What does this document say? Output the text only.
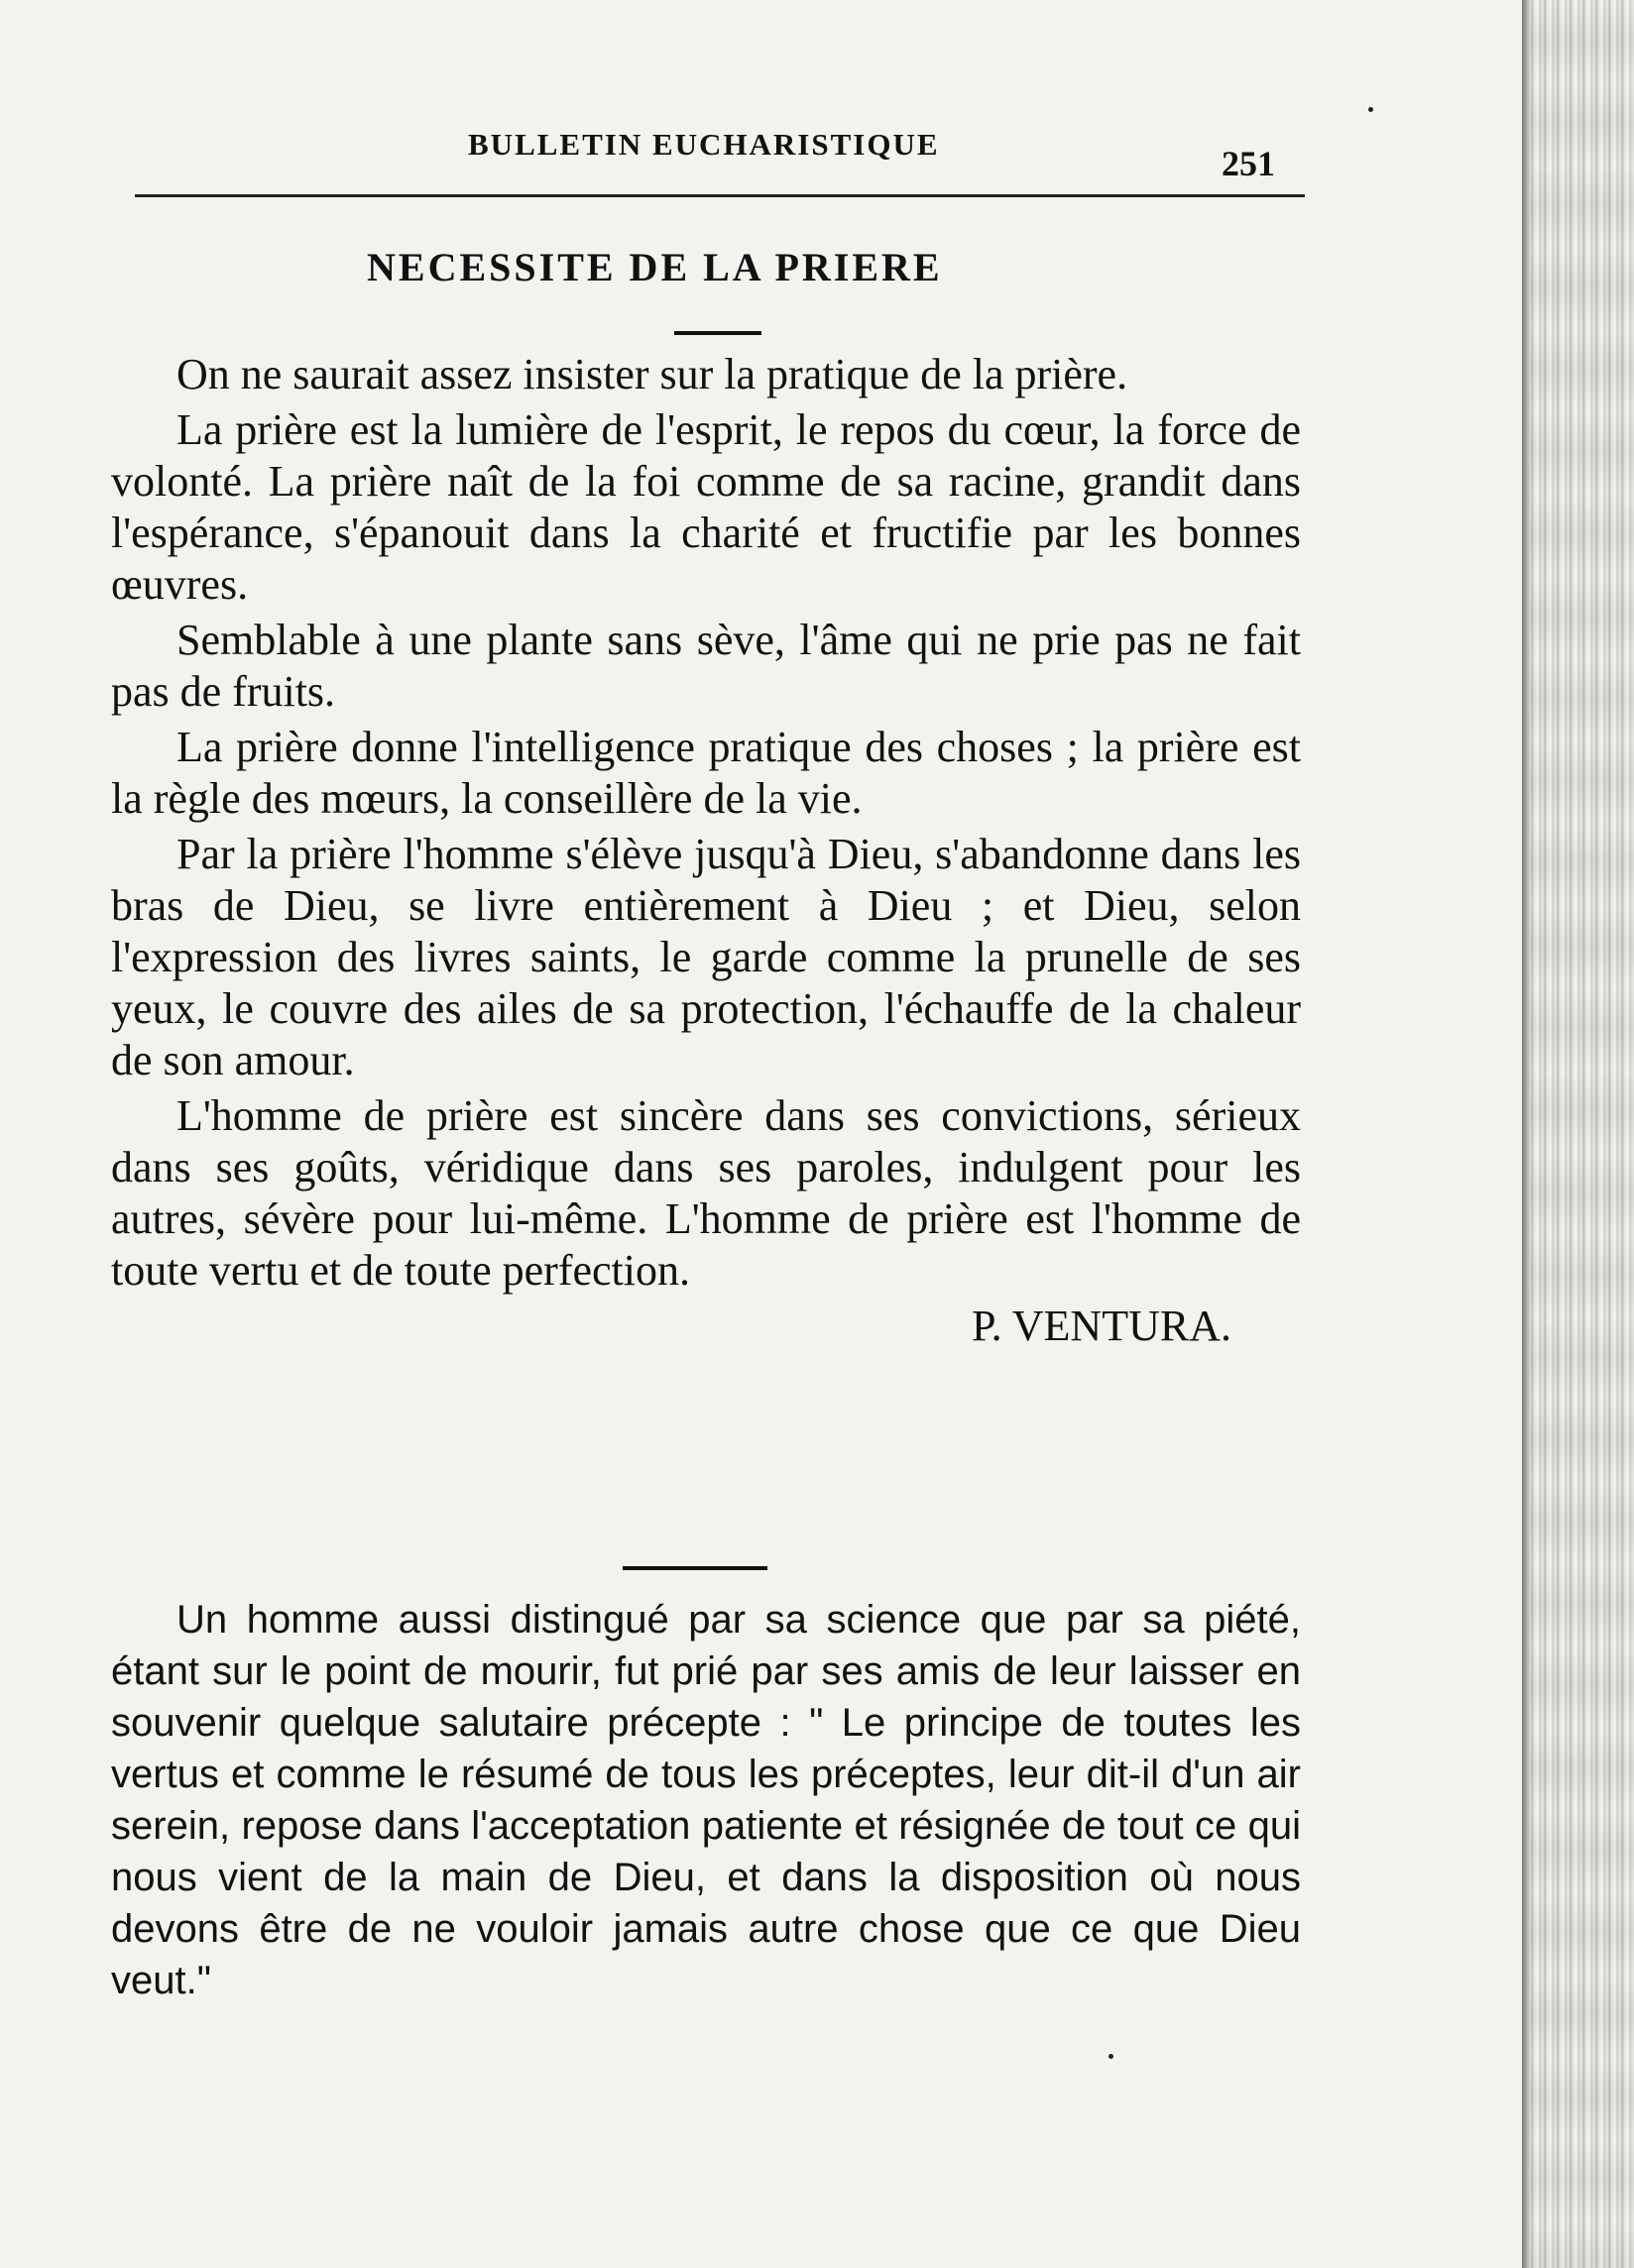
BULLETIN EUCHARISTIQUE	251
NECESSITE DE LA PRIERE

On ne saurait assez insister sur la pratique de la prière.

La prière est la lumière de l'esprit, le repos du cœur, la force de volonté. La prière naît de la foi comme de sa racine, grandit dans l'espérance, s'épanouit dans la charité et fructifie par les bonnes œuvres.

Semblable à une plante sans sève, l'âme qui ne prie pas ne fait pas de fruits.

La prière donne l'intelligence pratique des choses ; la prière est la règle des mœurs, la conseillère de la vie.

Par la prière l'homme s'élève jusqu'à Dieu, s'abandonne dans les bras de Dieu, se livre entièrement à Dieu ; et Dieu, selon l'expression des livres saints, le garde comme la prunelle de ses yeux, le couvre des ailes de sa protection, l'échauffe de la chaleur de son amour.

L'homme de prière est sincère dans ses convictions, sérieux dans ses goûts, véridique dans ses paroles, indulgent pour les autres, sévère pour lui-même. L'homme de prière est l'homme de toute vertu et de toute perfection.

P. VENTURA.

Un homme aussi distingué par sa science que par sa piété, étant sur le point de mourir, fut prié par ses amis de leur laisser en souvenir quelque salutaire précepte : " Le principe de toutes les vertus et comme le résumé de tous les préceptes, leur dit-il d'un air serein, repose dans l'acceptation patiente et résignée de tout ce qui nous vient de la main de Dieu, et dans la disposition où nous devons être de ne vouloir jamais autre chose que ce que Dieu veut."
